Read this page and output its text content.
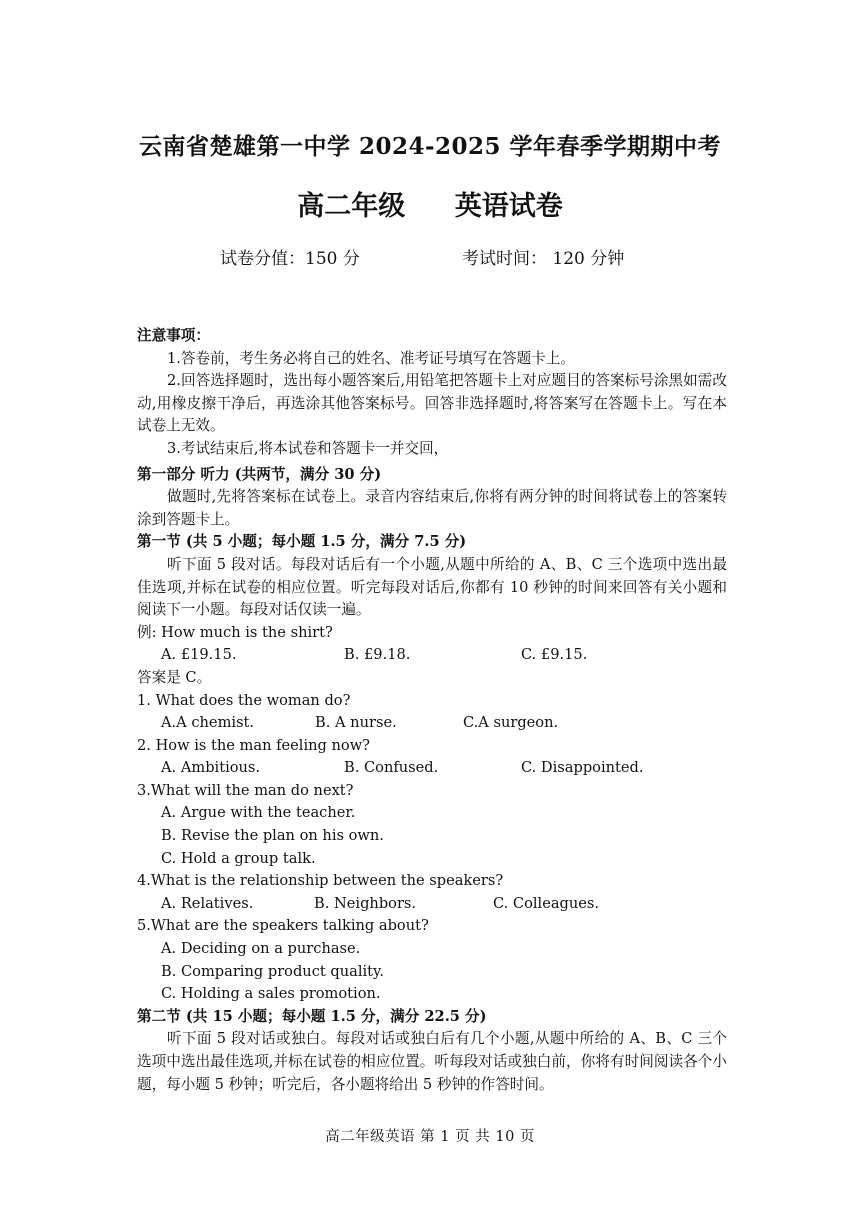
云南省楚雄第一中学 2024-2025 学年春季学期期中考
高二年级 英语试卷
试卷分值：150 分	考试时间： 120 分钟
注意事项：
1.答卷前，考生务必将自己的姓名、准考证号填写在答题卡上。
2.回答选择题时，选出每小题答案后,用铅笔把答题卡上对应题目的答案标号涂黑如需改动,用橡皮擦干净后，再选涂其他答案标号。回答非选择题时,将答案写在答题卡上。写在本试卷上无效。
3.考试结束后,将本试卷和答题卡一并交回，
第一部分 听力 (共两节，满分 30 分)
做题时,先将答案标在试卷上。录音内容结束后,你将有两分钟的时间将试卷上的答案转涂到答题卡上。
第一节 (共 5 小题；每小题 1.5 分，满分 7.5 分)
听下面 5 段对话。每段对话后有一个小题,从题中所给的 A、B、C 三个选项中选出最佳选项,并标在试卷的相应位置。听完每段对话后,你都有 10 秒钟的时间来回答有关小题和阅读下一小题。每段对话仅读一遍。
例: How much is the shirt?
A. £19.15.	B. £9.18.	C. £9.15.
答案是 C。
1. What does the woman do?
A.A chemist.	B. A nurse.	C.A surgeon.
2. How is the man feeling now?
A. Ambitious.	B. Confused.	C. Disappointed.
3.What will the man do next?
A. Argue with the teacher.
B. Revise the plan on his own.
C. Hold a group talk.
4.What is the relationship between the speakers?
A. Relatives.	B. Neighbors.	C. Colleagues.
5.What are the speakers talking about?
A. Deciding on a purchase.
B. Comparing product quality.
C. Holding a sales promotion.
第二节 (共 15 小题；每小题 1.5 分，满分 22.5 分)
听下面 5 段对话或独白。每段对话或独白后有几个小题,从题中所给的 A、B、C 三个选项中选出最佳选项,并标在试卷的相应位置。听每段对话或独白前，你将有时间阅读各个小题，每小题 5 秒钟；听完后，各小题将给出 5 秒钟的作答时间。
高二年级英语 第 1 页 共 10 页
